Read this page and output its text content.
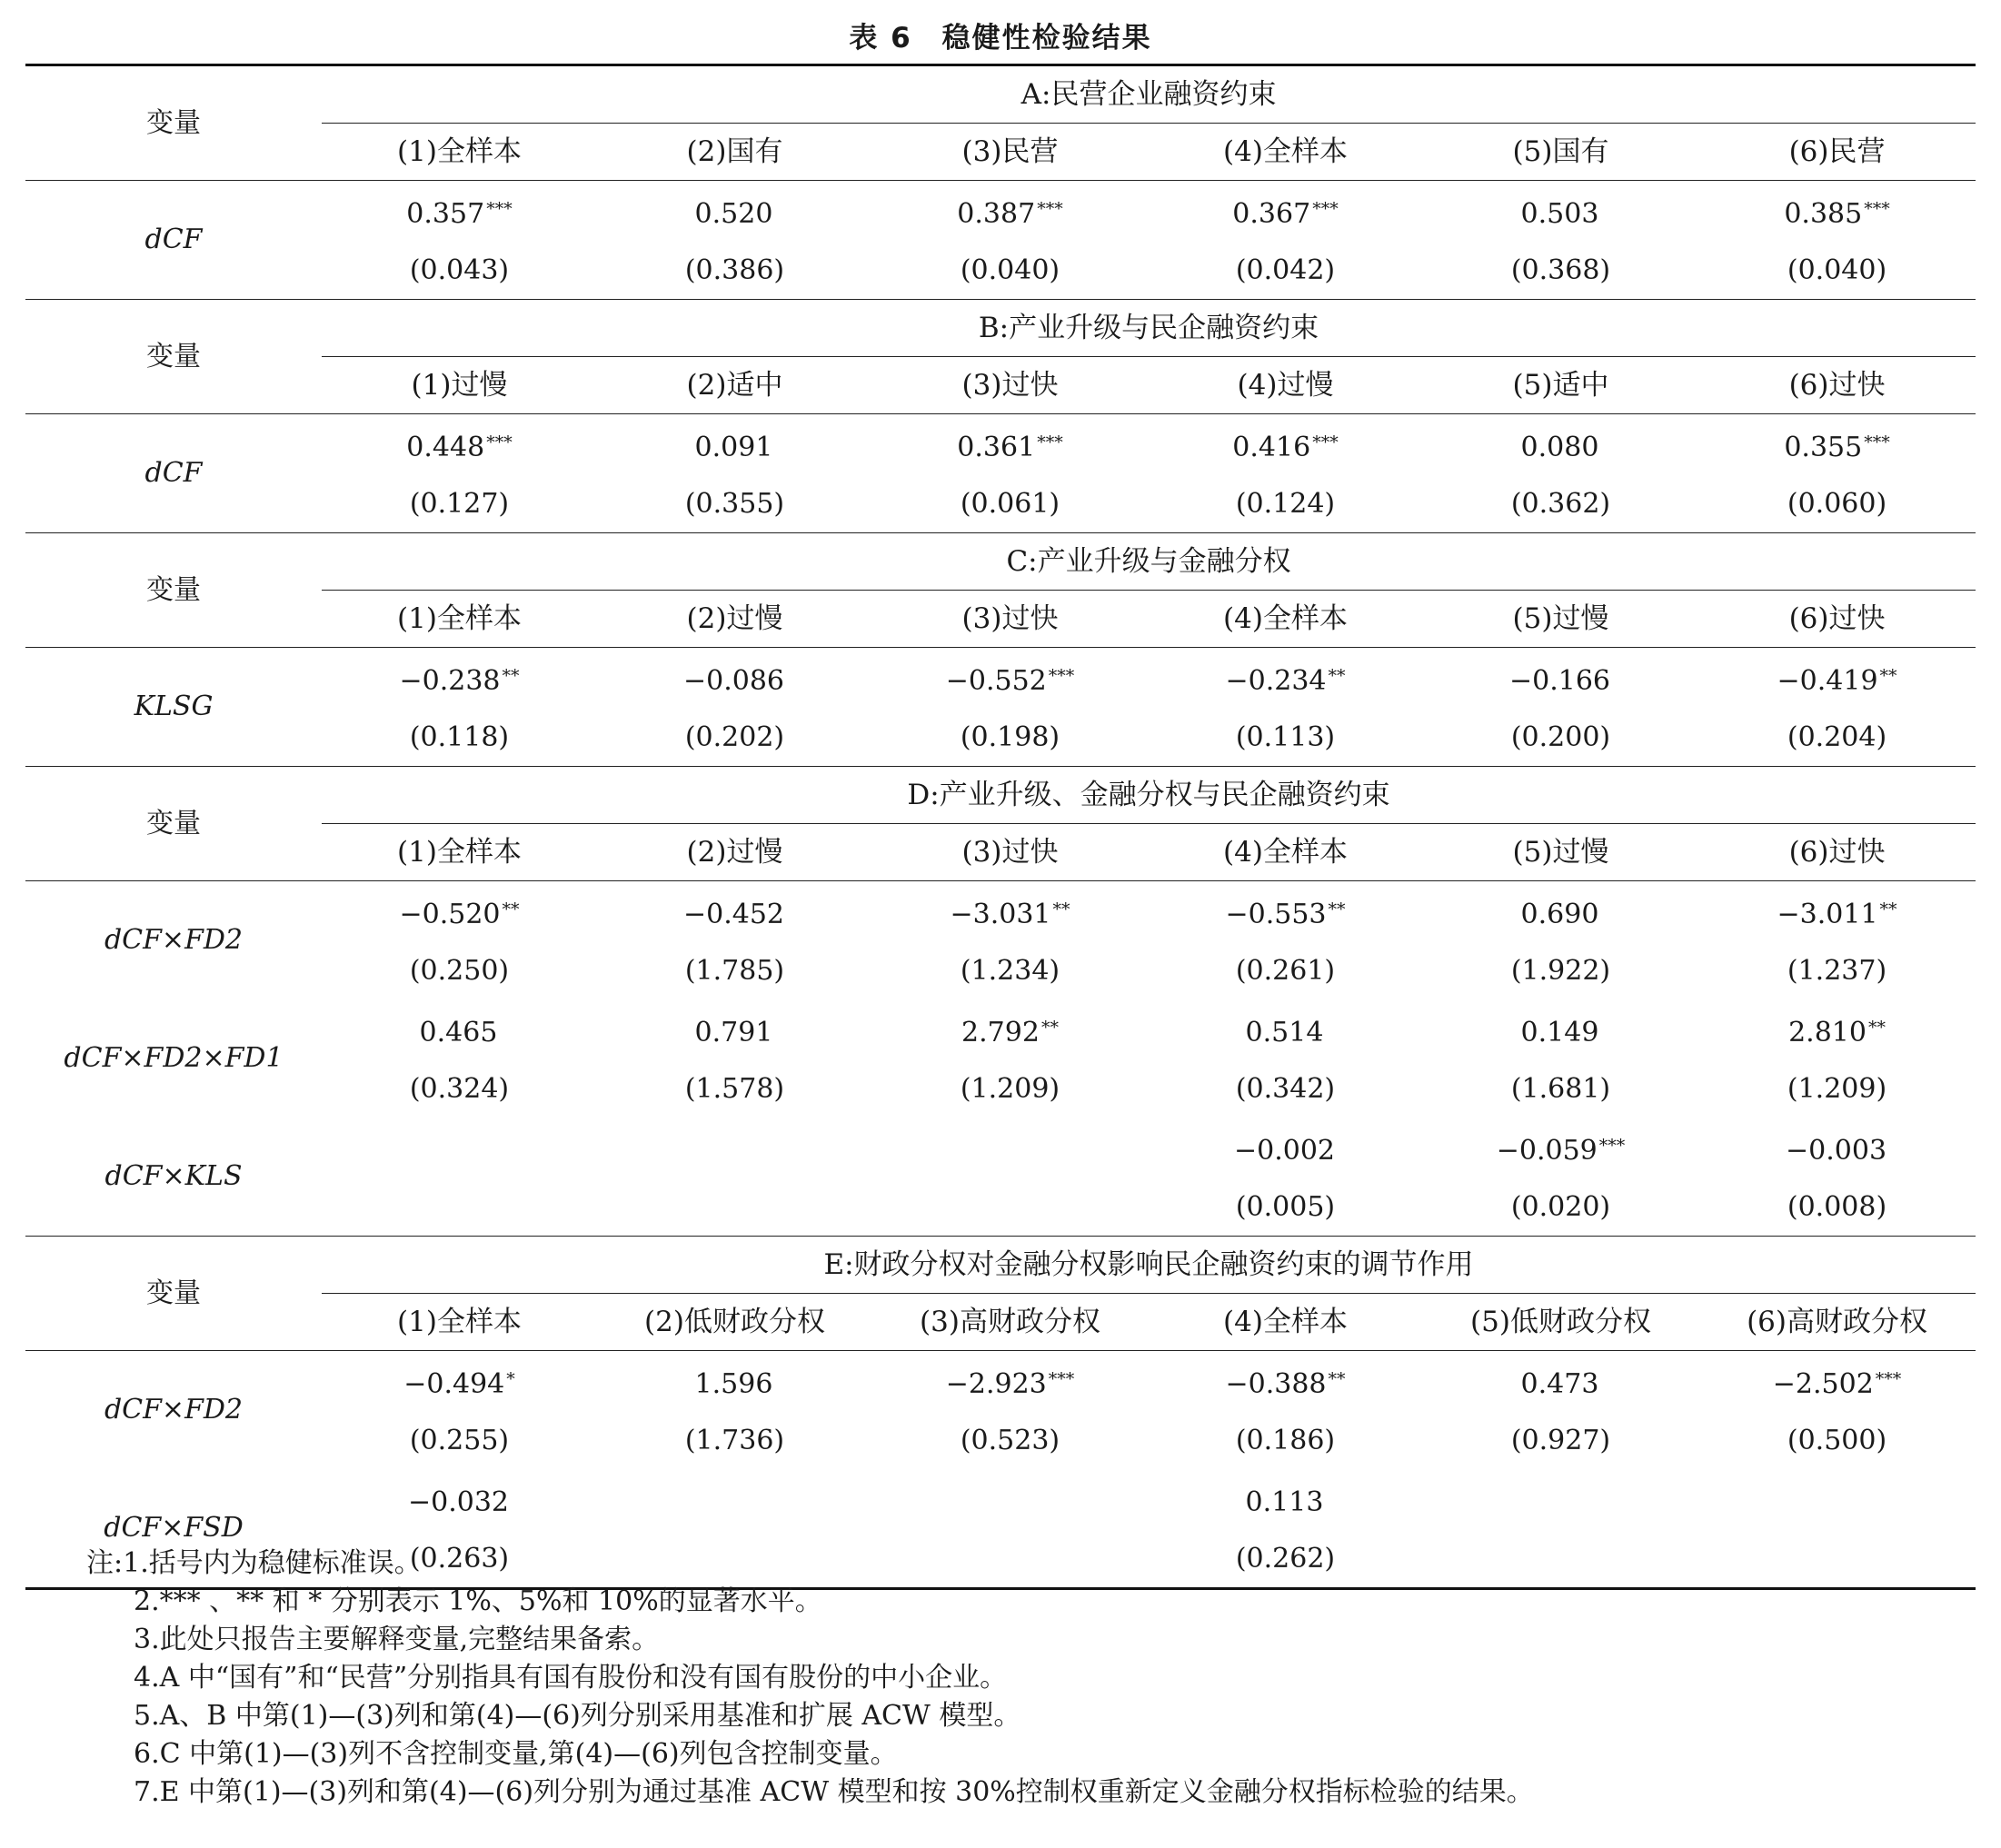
表 6　稳健性检验结果
变量	A:民营企业融资约束					
	(1)全样本	(2)国有	(3)民营	(4)全样本	(5)国有	(6)民营
dCF	0.357 ***	0.520	0.387 ***	0.367 ***	0.503	0.385 ***
	(0.043)	(0.386)	(0.040)	(0.042)	(0.368)	(0.040)
变量	B:产业升级与民企融资约束					
	(1)过慢	(2)适中	(3)过快	(4)过慢	(5)适中	(6)过快
dCF	0.448 ***	0.091	0.361 ***	0.416 ***	0.080	0.355 ***
	(0.127)	(0.355)	(0.061)	(0.124)	(0.362)	(0.060)
变量	C:产业升级与金融分权					
	(1)全样本	(2)过慢	(3)过快	(4)全样本	(5)过慢	(6)过快
KLSG	−0.238 **	−0.086	−0.552 ***	−0.234 **	−0.166	−0.419 **
	(0.118)	(0.202)	(0.198)	(0.113)	(0.200)	(0.204)
变量	D:产业升级、金融分权与民企融资约束					
	(1)全样本	(2)过慢	(3)过快	(4)全样本	(5)过慢	(6)过快
dCF×FD2	−0.520 **	−0.452	−3.031 **	−0.553 **	0.690	−3.011 **
	(0.250)	(1.785)	(1.234)	(0.261)	(1.922)	(1.237)
dCF×FD2×FD1	0.465	0.791	2.792 **	0.514	0.149	2.810 **
	(0.324)	(1.578)	(1.209)	(0.342)	(1.681)	(1.209)
dCF×KLS				−0.002	−0.059 ***	−0.003
				(0.005)	(0.020)	(0.008)
变量	E:财政分权对金融分权影响民企融资约束的调节作用					
	(1)全样本	(2)低财政分权	(3)高财政分权	(4)全样本	(5)低财政分权	(6)高财政分权
dCF×FD2	−0.494 *	1.596	−2.923 ***	−0.388 **	0.473	−2.502 ***
	(0.255)	(1.736)	(0.523)	(0.186)	(0.927)	(0.500)
dCF×FSD	−0.032			0.113		
	(0.263)			(0.262)		
注:1.括号内为稳健标准误。
2.*** 、** 和 * 分别表示 1%、5%和 10%的显著水平。
3.此处只报告主要解释变量,完整结果备索。
4.A 中“国有”和“民营”分别指具有国有股份和没有国有股份的中小企业。
5.A、B 中第(1)—(3)列和第(4)—(6)列分别采用基准和扩展 ACW 模型。
6.C 中第(1)—(3)列不含控制变量,第(4)—(6)列包含控制变量。
7.E 中第(1)—(3)列和第(4)—(6)列分别为通过基准 ACW 模型和按 30%控制权重新定义金融分权指标检验的结果。
